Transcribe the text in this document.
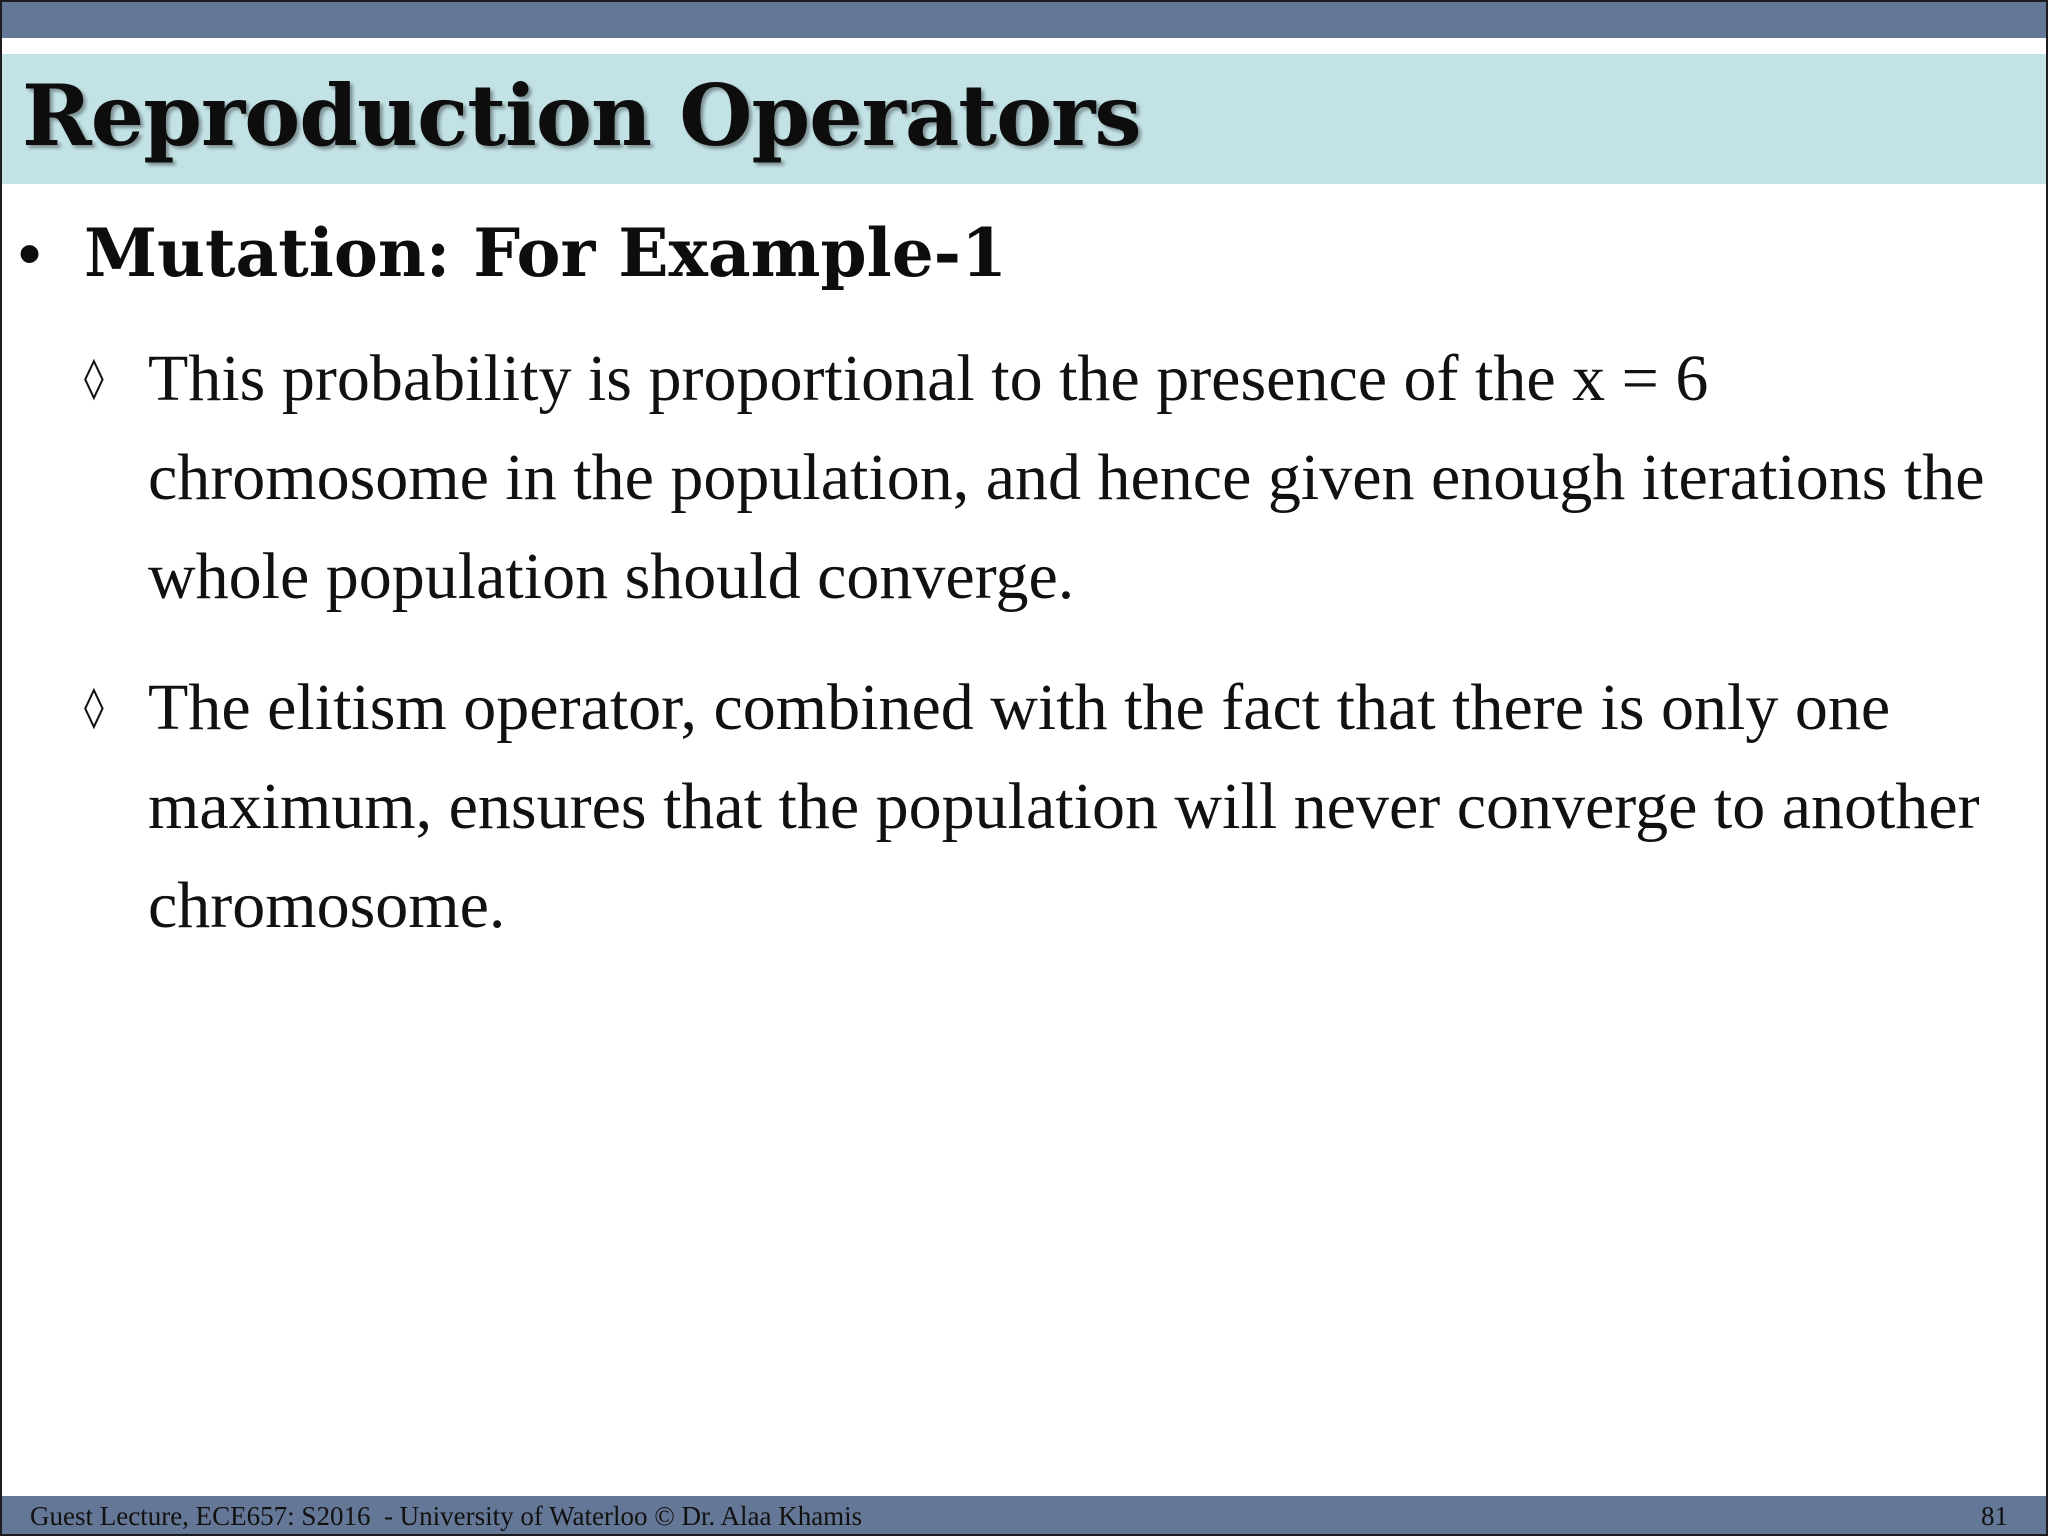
Reproduction Operators
• Mutation: For Example-1
◊ This probability is proportional to the presence of the x = 6 chromosome in the population, and hence given enough iterations the whole population should converge.
◊ The elitism operator, combined with the fact that there is only one maximum, ensures that the population will never converge to another chromosome.
Guest Lecture, ECE657: S2016  - University of Waterloo © Dr. Alaa Khamis	81
